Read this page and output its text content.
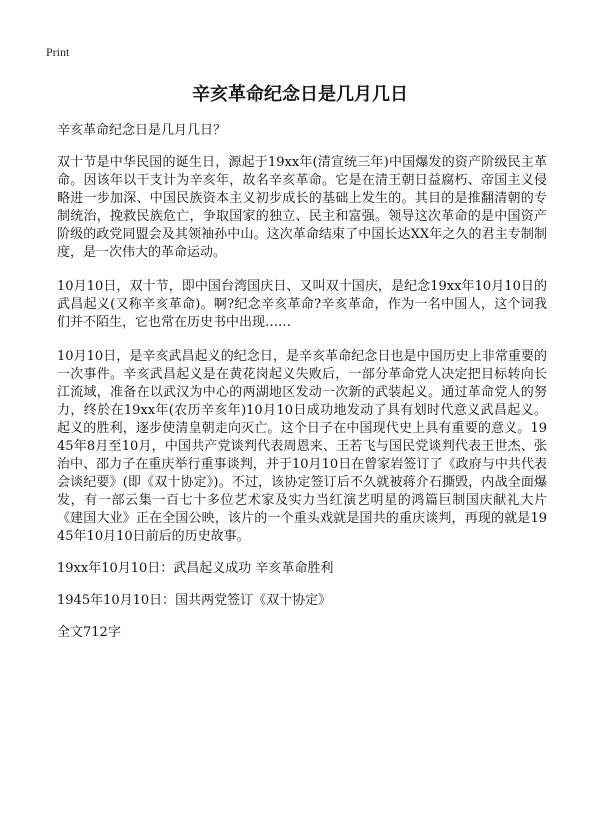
Print
辛亥革命纪念日是几月几日

辛亥革命纪念日是几月几日？

双十节是中华民国的诞生日，源起于19xx年(清宣统三年)中国爆发的资产阶级民主革命。因该年以干支计为辛亥年，故名辛亥革命。它是在清王朝日益腐朽、帝国主义侵略进一步加深、中国民族资本主义初步成长的基础上发生的。其目的是推翻清朝的专制统治，挽救民族危亡，争取国家的独立、民主和富强。领导这次革命的是中国资产阶级的政党同盟会及其领袖孙中山。这次革命结束了中国长达XX年之久的君主专制制度，是一次伟大的革命运动。

10月10日，双十节，即中国台湾国庆日、又叫双十国庆，是纪念19xx年10月10日的武昌起义(又称辛亥革命)。啊?纪念辛亥革命?辛亥革命，作为一名中国人，这个词我们并不陌生，它也常在历史书中出现……

10月10日，是辛亥武昌起义的纪念日，是辛亥革命纪念日也是中国历史上非常重要的一次事件。辛亥武昌起义是在黄花岗起义失败后，一部分革命党人决定把目标转向长江流域，准备在以武汉为中心的两湖地区发动一次新的武装起义。通过革命党人的努力，终於在19xx年(农历辛亥年)10月10日成功地发动了具有划时代意义武昌起义。起义的胜利，逐步使清皇朝走向灭亡。这个日子在中国现代史上具有重要的意义。1945年8月至10月，中国共产党谈判代表周恩来、王若飞与国民党谈判代表王世杰、张治中、邵力子在重庆举行重事谈判，并于10月10日在曾家岩签订了《政府与中共代表会谈纪要》(即《双十协定》)。不过，该协定签订后不久就被蒋介石撕毁，内战全面爆发，有一部云集一百七十多位艺术家及实力当红演艺明星的鸿篇巨制国庆献礼大片《建国大业》正在全国公映，该片的一个重头戏就是国共的重庆谈判，再现的就是1945年10月10日前后的历史故事。

19xx年10月10日：武昌起义成功 辛亥革命胜利

1945年10月10日：国共两党签订《双十协定》

全文712字
